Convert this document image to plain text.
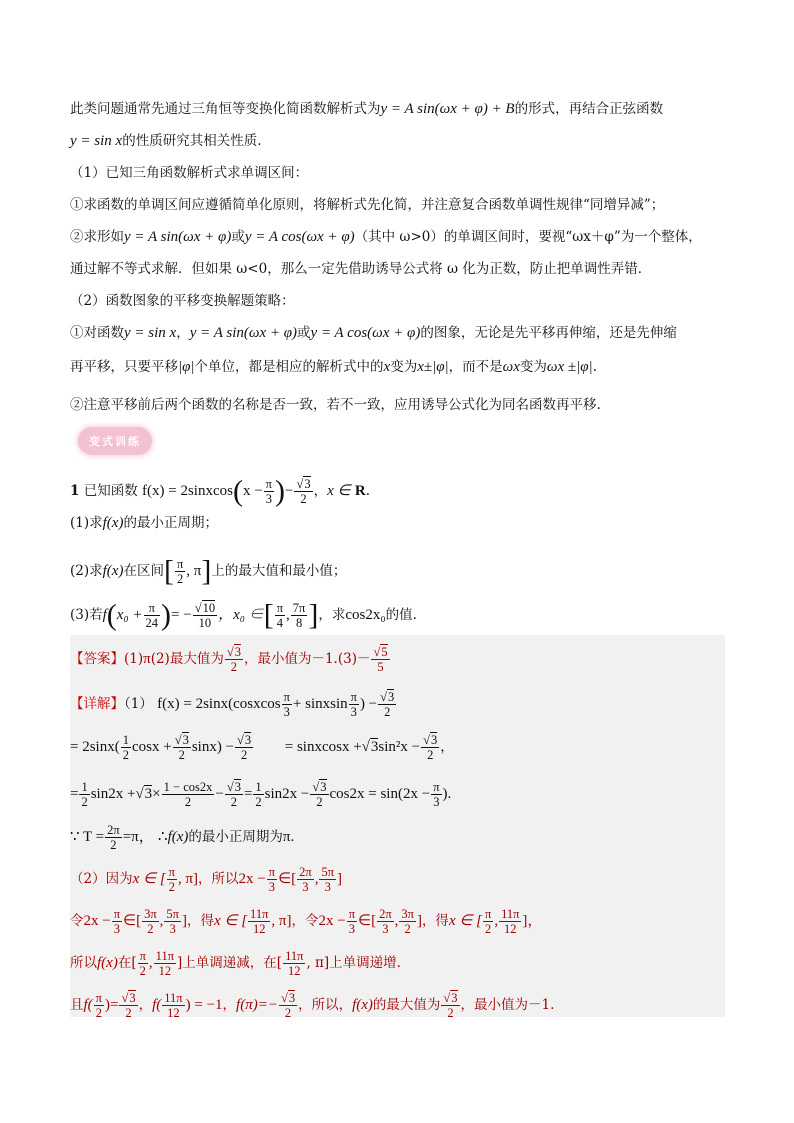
此类问题通常先通过三角恒等变换化简函数解析式为y = A sin(ωx + φ) + B的形式，再结合正弦函数
y = sin x的性质研究其相关性质.
（1）已知三角函数解析式求单调区间：
①求函数的单调区间应遵循简单化原则，将解析式先化简，并注意复合函数单调性规律“同增异减”；
②求形如y = A sin(ωx + φ)或y = A cos(ωx + φ)（其中 ω>0）的单调区间时，要视“ωx＋φ”为一个整体，
通过解不等式求解．但如果 ω<0，那么一定先借助诱导公式将 ω 化为正数，防止把单调性弄错．
（2）函数图象的平移变换解题策略：
①对函数y = sin x，y = A sin(ωx + φ)或y = A cos(ωx + φ)的图象，无论是先平移再伸缩，还是先伸缩
再平移，只要平移|φ|个单位，都是相应的解析式中的x变为x±|φ|，而不是ωx变为ωx ±|φ|.
②注意平移前后两个函数的名称是否一致，若不一致，应用诱导公式化为同名函数再平移.
变式训练
1 已知函数 f(x) = 2sinxcos(x − $\frac{\pi}{3}$ )− $\frac{√3}{2}$ ，x ∈ R.
(1)求f(x)的最小正周期；
(2)求f(x)在区间[ $\frac{\pi}{2}$ , π]上的最大值和最小值；
(3)若$f(x_0 + \frac{\pi}{24}$ )= − $\frac{√10}{10}$ ，x₀ ∈[ $\frac{\pi}{4}$ , $\frac{7\pi}{8}$ ]，求cos2x₀的值.
【答案】(1)π(2)最大值为 $\frac{√3}{2}$ ，最小值为$-1.(3)- \frac{√5}{5}$
【详解】（1） f(x) = 2sinx(cosxcos $\frac{\pi}{3}$ + sinxsin $\frac{\pi}{3}$ ) − $\frac{√3}{2}$
= $2\sin x( \frac{1}{2}$ $\cos x + \frac{√3}{2} \sin x) - \frac{√3}{2}$ = sinxcosx $+√3\sin^2x - \frac{√3}{2}$ ，
= $\frac{1}{2} \sin 2x +√3\times \frac{1 - \cos 2x}{2} - \frac{√3}{2} = \frac{1}{2} \sin 2x - \frac{√3}{2} \cos 2x = \sin(2x - \frac{\pi}{3}$ ).
∵ $T = \frac{2\pi}{2} =\pi$， ∴f(x)的最小正周期为π.
（2）因为x ∈ [ $\frac{\pi}{2}$ , π]，所以$2x - \frac{\pi}{3}$ ∈[ $\frac{2\pi}{3}$ , $\frac{5\pi}{3}$ ]
令$2x - \frac{\pi}{3}$ ∈[ $\frac{3\pi}{2}$ , $\frac{5\pi}{3}$ ]，得x ∈ [ $\frac{11\pi}{12}$ , π]，令$2x - \frac{\pi}{3}$ ∈[ $\frac{2\pi}{3}$ , $\frac{3\pi}{2}$ ]，得x ∈ [ $\frac{\pi}{2}$ , $\frac{11\pi}{12}$ ]，
所以f(x)在[ $\frac{\pi}{2}$ , $\frac{11\pi}{12}$ ]上单调递减，在[ $\frac{11\pi}{12}$ , π]上单调递增.
且$f( \frac{\pi}{2}$ )= $\frac{√3}{2}$ ，$f( \frac{11\pi}{12}$ ) = −1，$f(\pi)=- \frac{√3}{2}$ ，所以，f(x)的最大值为 $\frac{√3}{2}$ ，最小值为－1.
